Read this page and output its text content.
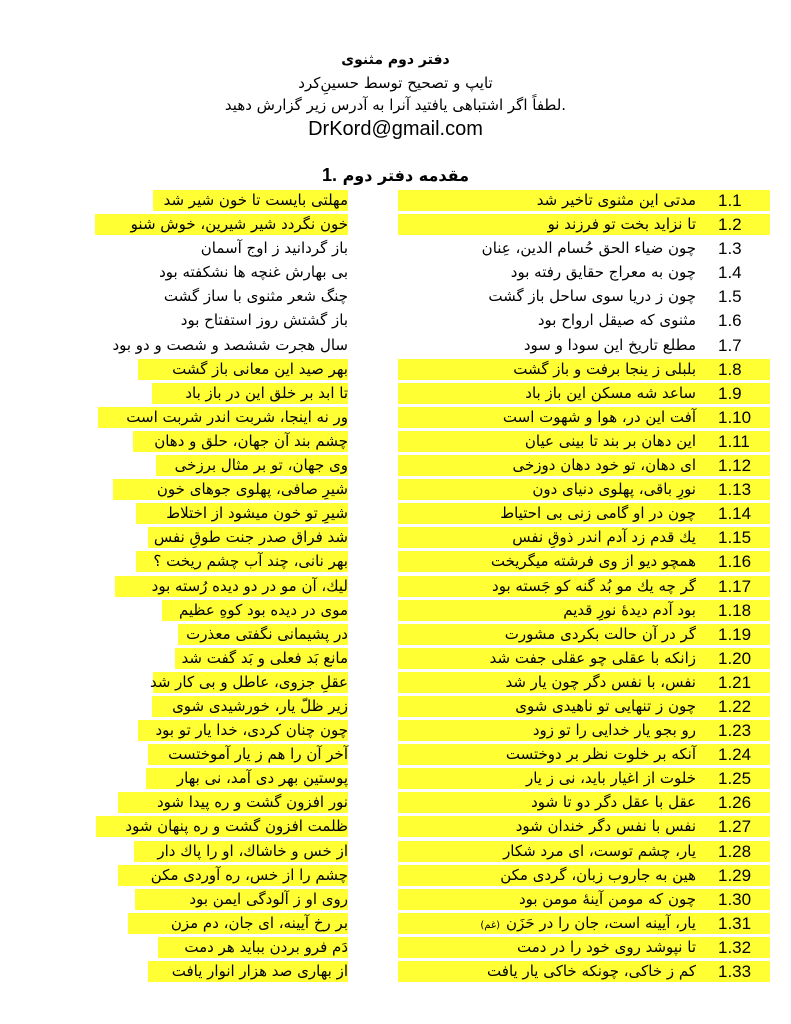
دفتر دوم مثنوی
تایپ و تصحیح توسط حسینِ‌کرد
لطفاً اگر اشتباهی یافتید آنرا به آدرس زیر گزارش دهید.
DrKord@gmail.com
1. مقدمه دفتر دوم
1.1
مدتی این مثنوی تاخیر شد
مهلتی بایست تا خون شیر شد
1.2
تا نزاید بخت تو فرزند نو
خون نگردد شیر شیرین، خوش شنو
1.3
چون ضیاء الحق حُسام الدین، عِنان
باز گردانید ز اوج آسمان
1.4
چون به معراج حقایق رفته بود
بی بهارش غنچه ها نشکفته بود
1.5
چون ز دریا سوی ساحل باز گشت
چنگ شعر مثنوی با ساز گشت
1.6
مثنوی که صیقل ارواح بود
باز گشتش روز استفتاح بود
1.7
مطلع تاریخ این سودا و سود
سال هجرت ششصد و شصت و دو بود
1.8
بلبلی ز ینجا برفت و باز گشت
بهر صید این معانی باز گشت
1.9
ساعد شه مسکن این باز باد
تا ابد بر خلق این در باز باد
1.10
آفت این در، هوا و شهوت است
ور نه اینجا، شربت اندر شربت است
1.11
این دهان بر بند تا بینی عیان
چشم بند آن جهان، حلق و دهان
1.12
ای دهان، تو خود دهان دوزخی
وی جهان، تو بر مثال برزخی
1.13
نورِ باقی، پهلوی دنیای دون
شیرِ صافی، پهلوی جوهای خون
1.14
چون در او گامی زنی بی احتیاط
شیرِ تو خون میشود از اختلاط
1.15
يك قدم زد آدم اندر ذوقِ نفس
شد فراق صدر جنت طوقِ نفس
1.16
همچو دیو از وی فرشته میگریخت
بهر نانی، چند آب چشم ریخت ؟
1.17
گر چه يك مو بُد گنه کو جَسته بود
لیك، آن مو در دو دیده رُسته بود
1.18
بود آدم دیدهٔ نورِ قدیم
موی در دیده بود کوهِ عظیم
1.19
گر در آن حالت بکردی مشورت
در پشیمانی نگفتی معذرت
1.20
زانکه با عقلی چو عقلی جفت شد
مانع بَد فعلی و بَد گفت شد
1.21
نفس، با نفس دگر چون یار شد
عقلِ جزوی، عاطل و بی کار شد
1.22
چون ز تنهایی تو نا‌هیدی شوی
زیر ظلّ یار، خورشیدی شوی
1.23
رو بجو یار خدایی را تو زود
چون چنان کردی، خدا یار تو بود
1.24
آنکه بر خلوت نظر بر دوختست
آخر آن را هم ز یار آموختست
1.25
خلوت از اغیار باید، نی ز یار
پوستین بهر دی آمد، نی بهار
1.26
عقل با عقل دگر دو تا شود
نور افزون گشت و ره پیدا شود
1.27
نفس با نفس دگر خندان شود
ظلمت افزون گشت و ره پنهان شود
1.28
یار، چشم توست، ای مرد شکار
از خس و خاشاك، او را پاك دار
1.29
هین به جاروب زبان، گردی مکن
چشم را از خس، ره آوردی مکن
1.30
چون که مومن آینهٔ مومن بود
روی او ز آلودگی ایمن بود
1.31
یار، آیینه است، جان را در حَزَن(غم)
بر رخ آیینه، ای جان، دم مزن
1.32
تا نپوشد روی خود را در دمت
دَم فرو بردن بباید هر دمت
1.33
کم ز خاکی، چونکه خاکی یار یافت
از بهاری صد هزار انوار یافت
